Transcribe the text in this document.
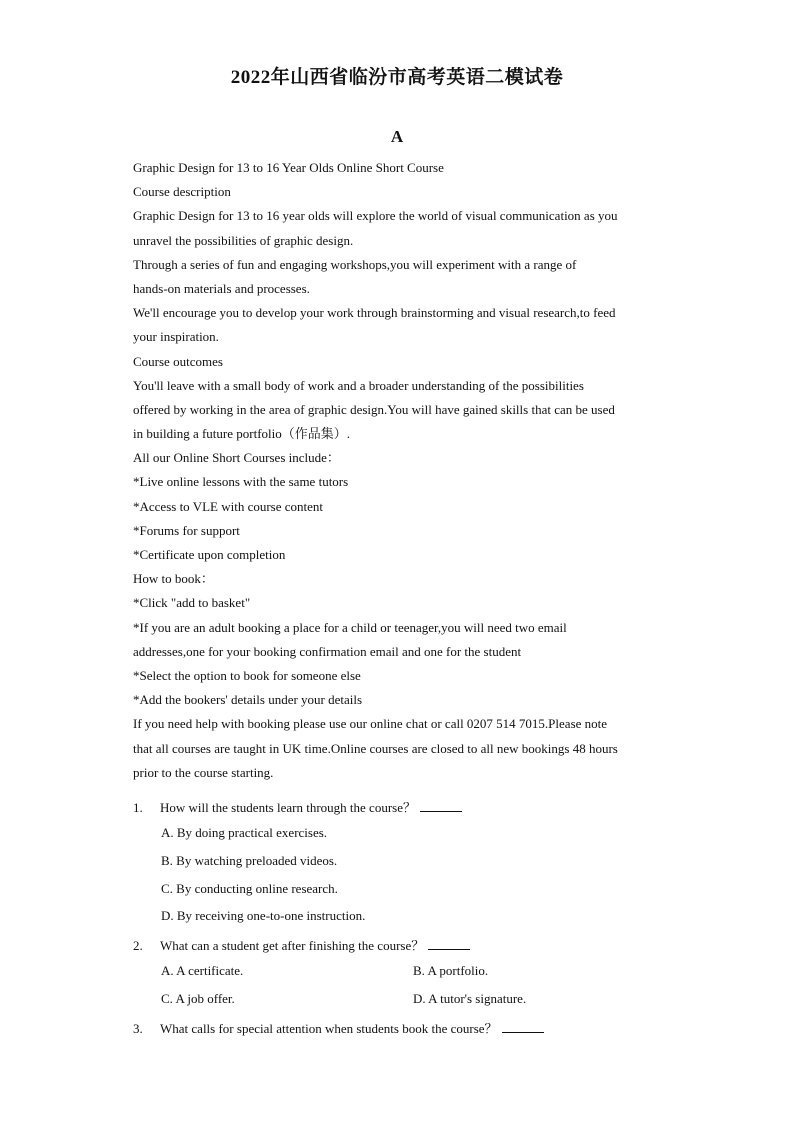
2022年山西省临汾市高考英语二模试卷
A
Graphic Design for 13 to 16 Year Olds Online Short Course
Course description
Graphic Design for 13 to 16 year olds will explore the world of visual communication as you
unravel the possibilities of graphic design.
Through a series of fun and engaging workshops,you will experiment with a range of
hands-on materials and processes.
We'll encourage you to develop your work through brainstorming and visual research,to feed
your inspiration.
Course outcomes
You'll leave with a small body of work and a broader understanding of the possibilities
offered by working in the area of graphic design.You will have gained skills that can be used
in building a future portfolio（作品集）.
All our Online Short Courses include：
*Live online lessons with the same tutors
*Access to VLE with course content
*Forums for support
*Certificate upon completion
How to book：
*Click "add to basket"
*If you are an adult booking a place for a child or teenager,you will need two email
addresses,one for your booking confirmation email and one for the student
*Select the option to book for someone else
*Add the bookers' details under your details
If you need help with booking please use our online chat or call 0207 514 7015.Please note
that all courses are taught in UK time.Online courses are closed to all new bookings 48 hours
prior to the course starting.
1. How will the students learn through the course？
A. By doing practical exercises.
B. By watching preloaded videos.
C. By conducting online research.
D. By receiving one-to-one instruction.
2. What can a student get after finishing the course？
A. A certificate.	B. A portfolio.
C. A job offer.	D. A tutor's signature.
3. What calls for special attention when students book the course？
